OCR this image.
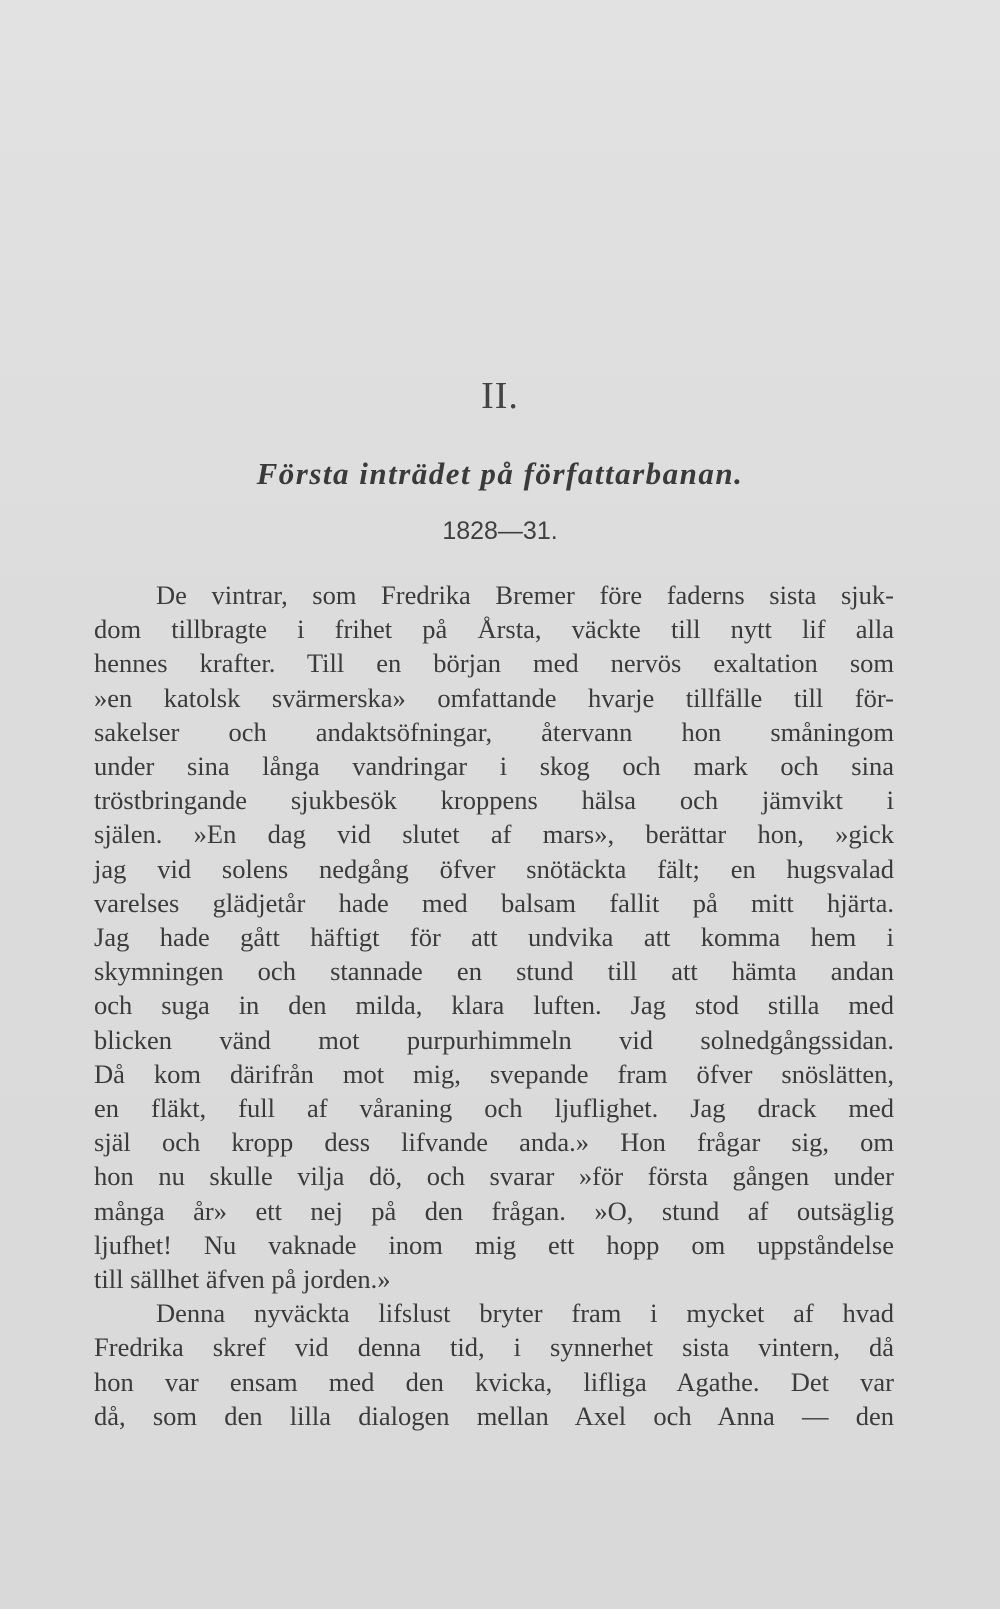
II.
Första inträdet på författarbanan.
1828—31.
De vintrar, som Fredrika Bremer före faderns sista sjuk-
dom tillbragte i frihet på Årsta, väckte till nytt lif alla
hennes krafter. Till en början med nervös exaltation som
»en katolsk svärmerska» omfattande hvarje tillfälle till för-
sakelser och andaktsöfningar, återvann hon småningom
under sina långa vandringar i skog och mark och sina
tröstbringande sjukbesök kroppens hälsa och jämvikt i
själen. »En dag vid slutet af mars», berättar hon, »gick
jag vid solens nedgång öfver snötäckta fält; en hugsvalad
varelses glädjetår hade med balsam fallit på mitt hjärta.
Jag hade gått häftigt för att undvika att komma hem i
skymningen och stannade en stund till att hämta andan
och suga in den milda, klara luften. Jag stod stilla med
blicken vänd mot purpurhimmeln vid solnedgångssidan.
Då kom därifrån mot mig, svepande fram öfver snöslätten,
en fläkt, full af våraning och ljuflighet. Jag drack med
själ och kropp dess lifvande anda.» Hon frågar sig, om
hon nu skulle vilja dö, och svarar »för första gången under
många år» ett nej på den frågan. »O, stund af outsäglig
ljufhet! Nu vaknade inom mig ett hopp om uppståndelse
till sällhet äfven på jorden.»
Denna nyväckta lifslust bryter fram i mycket af hvad
Fredrika skref vid denna tid, i synnerhet sista vintern, då
hon var ensam med den kvicka, lifliga Agathe. Det var
då, som den lilla dialogen mellan Axel och Anna — den
